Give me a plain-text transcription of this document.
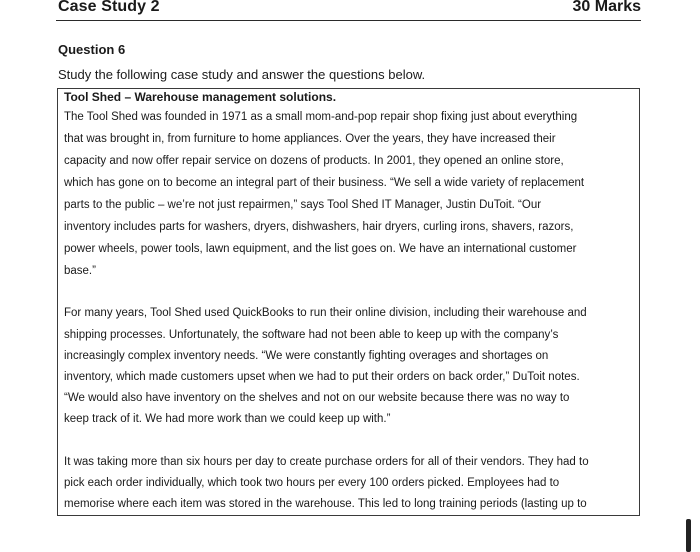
Case Study 2	30 Marks
Question 6
Study the following case study and answer the questions below.
Tool Shed – Warehouse management solutions.
The Tool Shed was founded in 1971 as a small mom-and-pop repair shop fixing just about everything
that was brought in, from furniture to home appliances. Over the years, they have increased their
capacity and now offer repair service on dozens of products. In 2001, they opened an online store,
which has gone on to become an integral part of their business. “We sell a wide variety of replacement
parts to the public – we’re not just repairmen,” says Tool Shed IT Manager, Justin DuToit. “Our
inventory includes parts for washers, dryers, dishwashers, hair dryers, curling irons, shavers, razors,
power wheels, power tools, lawn equipment, and the list goes on. We have an international customer
base.”
For many years, Tool Shed used QuickBooks to run their online division, including their warehouse and
shipping processes. Unfortunately, the software had not been able to keep up with the company’s
increasingly complex inventory needs. “We were constantly fighting overages and shortages on
inventory, which made customers upset when we had to put their orders on back order,” DuToit notes.
“We would also have inventory on the shelves and not on our website because there was no way to
keep track of it. We had more work than we could keep up with.”
It was taking more than six hours per day to create purchase orders for all of their vendors. They had to
pick each order individually, which took two hours per every 100 orders picked. Employees had to
memorise where each item was stored in the warehouse. This led to long training periods (lasting up to
